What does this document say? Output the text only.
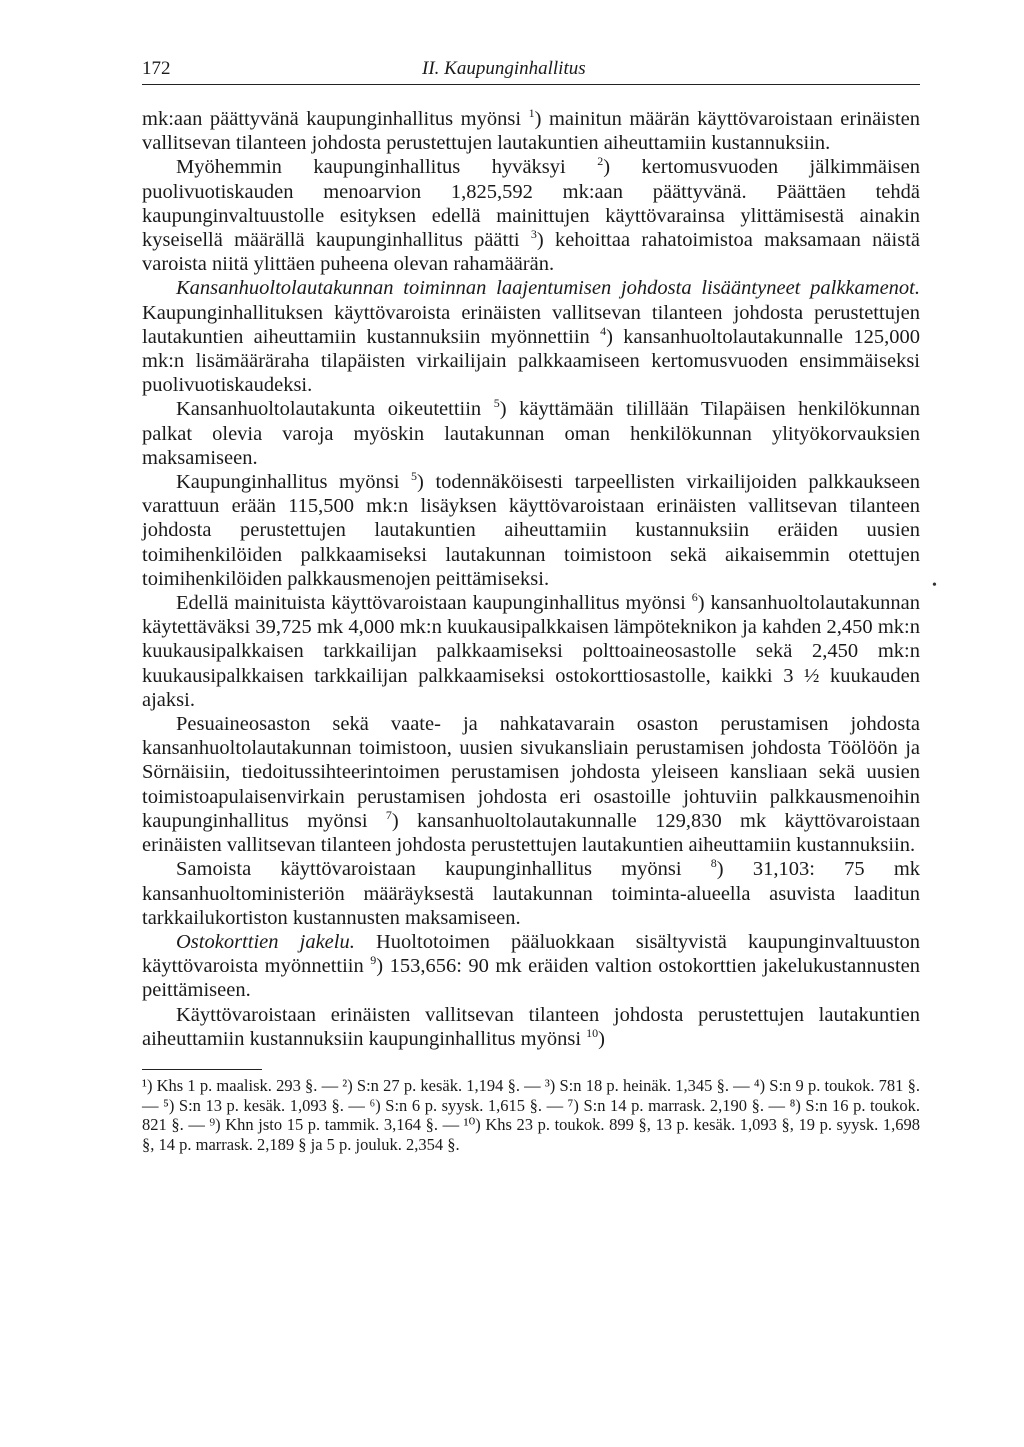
172	II. Kaupunginhallitus

mk:aan päättyvänä kaupunginhallitus myönsi $^1$) mainitun määrän käyttövaroistaan erinäisten vallitsevan tilanteen johdosta perustettujen lautakuntien aiheuttamiin kustannuksiin.

Myöhemmin kaupunginhallitus hyväksyi $^2$) kertomusvuoden jälkimmäisen puolivuotiskauden menoarvion 1,825,592 mk:aan päättyvänä. Päättäen tehdä kaupunginvaltuustolle esityksen edellä mainittujen käyttövarainsa ylittämisestä ainakin kyseisellä määrällä kaupunginhallitus päätti $^3$) kehoittaa rahatoimistoa maksamaan näistä varoista niitä ylittäen puheena olevan rahamäärän.

Kansanhuoltolautakunnan toiminnan laajentumisen johdosta lisääntyneet palkkamenot. Kaupunginhallituksen käyttövaroista erinäisten vallitsevan tilanteen johdosta perustettujen lautakuntien aiheuttamiin kustannuksiin myönnettiin $^4$) kansanhuoltolautakunnalle 125,000 mk:n lisämääräraha tilapäisten virkailijain palkkaamiseen kertomusvuoden ensimmäiseksi puolivuotiskaudeksi.

Kansanhuoltolautakunta oikeutettiin $^5$) käyttämään tilillään Tilapäisen henkilökunnan palkat olevia varoja myöskin lautakunnan oman henkilökunnan ylityökorvauksien maksamiseen.

Kaupunginhallitus myönsi $^5$) todennäköisesti tarpeellisten virkailijoiden palkkaukseen varattuun erään 115,500 mk:n lisäyksen käyttövaroistaan erinäisten vallitsevan tilanteen johdosta perustettujen lautakuntien aiheuttamiin kustannuksiin eräiden uusien toimihenkilöiden palkkaamiseksi lautakunnan toimistoon sekä aikaisemmin otettujen toimihenkilöiden palkkausmenojen peittämiseksi.

Edellä mainituista käyttövaroistaan kaupunginhallitus myönsi $^6$) kansanhuoltolautakunnan käytettäväksi 39,725 mk 4,000 mk:n kuukausipalkkaisen lämpöteknikon ja kahden 2,450 mk:n kuukausipalkkaisen tarkkailijan palkkaamiseksi polttoaineosastolle sekä 2,450 mk:n kuukausipalkkaisen tarkkailijan palkkaamiseksi ostokorttiosastolle, kaikki 3 ½ kuukauden ajaksi.

Pesuaineosaston sekä vaate- ja nahkatavarain osaston perustamisen johdosta kansanhuoltolautakunnan toimistoon, uusien sivukansliain perustamisen johdosta Töölöön ja Sörnäisiin, tiedoitussihteerintoimen perustamisen johdosta yleiseen kansliaan sekä uusien toimistoapulaisenvirkain perustamisen johdosta eri osastoille johtuviin palkkausmenoihin kaupunginhallitus myönsi $^7$) kansanhuoltolautakunnalle 129,830 mk käyttövaroistaan erinäisten vallitsevan tilanteen johdosta perustettujen lautakuntien aiheuttamiin kustannuksiin.

Samoista käyttövaroistaan kaupunginhallitus myönsi $^8$) 31,103: 75 mk kansanhuoltoministeriön määräyksestä lautakunnan toiminta-alueella asuvista laaditun tarkkailukortiston kustannusten maksamiseen.

Ostokorttien jakelu. Huoltotoimen pääluokkaan sisältyvistä kaupunginvaltuuston käyttövaroista myönnettiin $^9$) 153,656: 90 mk eräiden valtion ostokorttien jakelukustannusten peittämiseen.

Käyttövaroistaan erinäisten vallitsevan tilanteen johdosta perustettujen lautakuntien aiheuttamiin kustannuksiin kaupunginhallitus myönsi $^{10}$)

¹) Khs 1 p. maalisk. 293 §. — ²) S:n 27 p. kesäk. 1,194 §. — ³) S:n 18 p. heinäk. 1,345 §. — ⁴) S:n 9 p. toukok. 781 §. — ⁵) S:n 13 p. kesäk. 1,093 §. — ⁶) S:n 6 p. syysk. 1,615 §. — ⁷) S:n 14 p. marrask. 2,190 §. — ⁸) S:n 16 p. toukok. 821 §. — ⁹) Khn jsto 15 p. tammik. 3,164 §. — ¹⁰) Khs 23 p. toukok. 899 §, 13 p. kesäk. 1,093 §, 19 p. syysk. 1,698 §, 14 p. marrask. 2,189 § ja 5 p. jouluk. 2,354 §.
•
